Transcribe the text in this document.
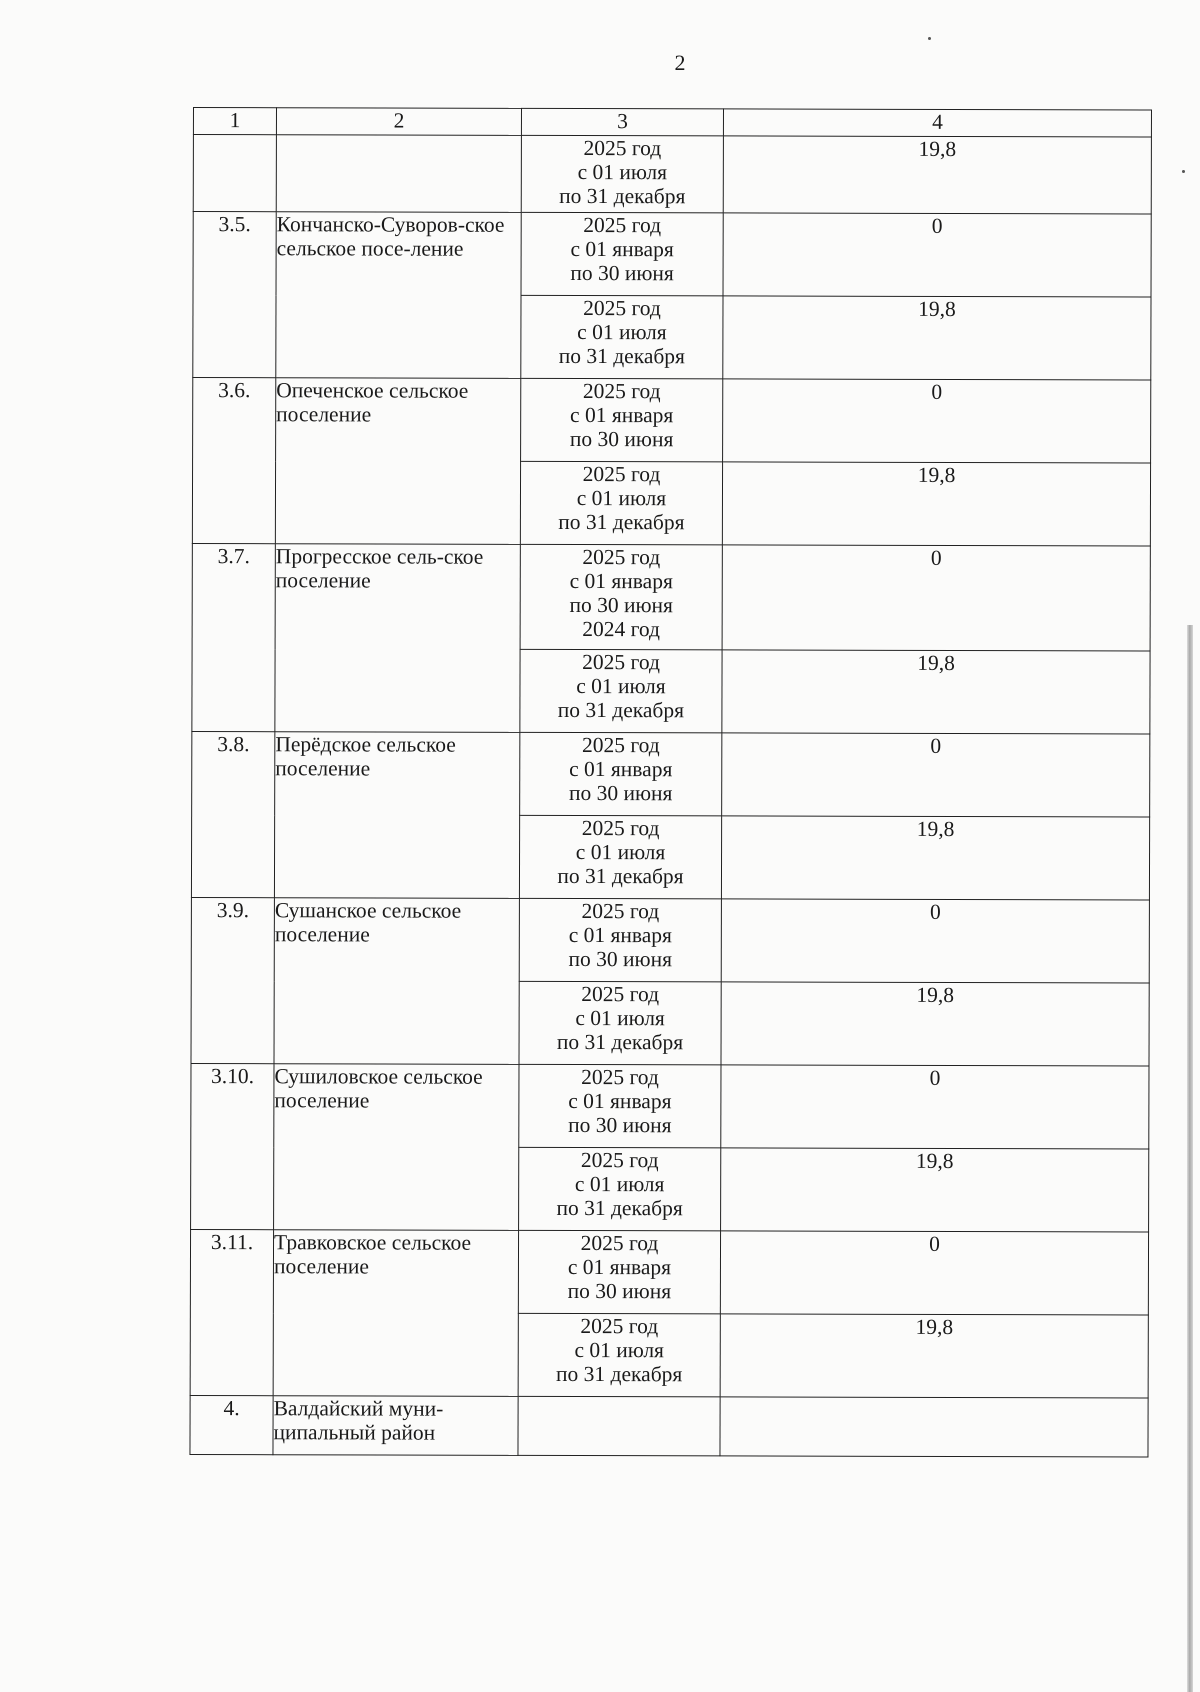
2
1	2	3	4
		2025 год
с 01 июля
по 31 декабря	19,8
3.5.	Кончанско-Суворов-ское сельское посе-ление	2025 год
с 01 января
по 30 июня	0
		2025 год
с 01 июля
по 31 декабря	19,8
3.6.	Опеченское сельское поселение	2025 год
с 01 января
по 30 июня	0
		2025 год
с 01 июля
по 31 декабря	19,8
3.7.	Прогресское сель-ское поселение	2025 год
с 01 января
по 30 июня
2024 год	0
		2025 год
с 01 июля
по 31 декабря	19,8
3.8.	Перёдское сельское поселение	2025 год
с 01 января
по 30 июня	0
		2025 год
с 01 июля
по 31 декабря	19,8
3.9.	Сушанское сельское поселение	2025 год
с 01 января
по 30 июня	0
		2025 год
с 01 июля
по 31 декабря	19,8
3.10.	Сушиловское сельское поселение	2025 год
с 01 января
по 30 июня	0
		2025 год
с 01 июля
по 31 декабря	19,8
3.11.	Травковское сельское поселение	2025 год
с 01 января
по 30 июня	0
		2025 год
с 01 июля
по 31 декабря	19,8
4.	Валдайский муни-ципальный район		
